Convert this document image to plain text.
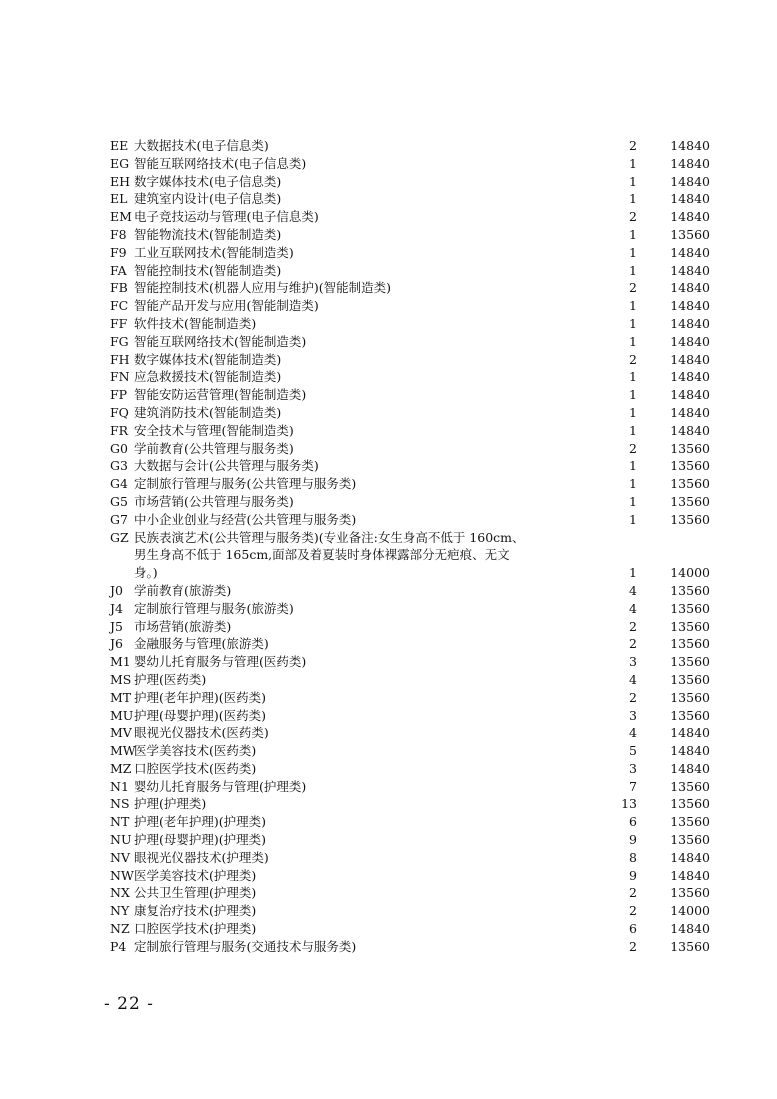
EE 大数据技术(电子信息类)	2	14840
EG 智能互联网络技术(电子信息类)	1	14840
EH 数字媒体技术(电子信息类)	1	14840
EL 建筑室内设计(电子信息类)	1	14840
EM 电子竞技运动与管理(电子信息类)	2	14840
F8 智能物流技术(智能制造类)	1	13560
F9 工业互联网技术(智能制造类)	1	14840
FA 智能控制技术(智能制造类)	1	14840
FB 智能控制技术(机器人应用与维护)(智能制造类)	2	14840
FC 智能产品开发与应用(智能制造类)	1	14840
FF 软件技术(智能制造类)	1	14840
FG 智能互联网络技术(智能制造类)	1	14840
FH 数字媒体技术(智能制造类)	2	14840
FN 应急救援技术(智能制造类)	1	14840
FP 智能安防运营管理(智能制造类)	1	14840
FQ 建筑消防技术(智能制造类)	1	14840
FR 安全技术与管理(智能制造类)	1	14840
G0 学前教育(公共管理与服务类)	2	13560
G3 大数据与会计(公共管理与服务类)	1	13560
G4 定制旅行管理与服务(公共管理与服务类)	1	13560
G5 市场营销(公共管理与服务类)	1	13560
G7 中小企业创业与经营(公共管理与服务类)	1	13560
GZ 民族表演艺术(公共管理与服务类)(专业备注:女生身高不低于 160cm、
男生身高不低于 165cm,面部及着夏装时身体裸露部分无疤痕、无文
身。)	1	14000
J0 学前教育(旅游类)	4	13560
J4 定制旅行管理与服务(旅游类)	4	13560
J5 市场营销(旅游类)	2	13560
J6 金融服务与管理(旅游类)	2	13560
M1 婴幼儿托育服务与管理(医药类)	3	13560
MS 护理(医药类)	4	13560
MT 护理(老年护理)(医药类)	2	13560
MU护理(母婴护理)(医药类)	3	13560
MV 眼视光仪器技术(医药类)	4	14840
MW医学美容技术(医药类)	5	14840
MZ 口腔医学技术(医药类)	3	14840
N1 婴幼儿托育服务与管理(护理类)	7	13560
NS 护理(护理类)	13	13560
NT 护理(老年护理)(护理类)	6	13560
NU 护理(母婴护理)(护理类)	9	13560
NV 眼视光仪器技术(护理类)	8	14840
NW医学美容技术(护理类)	9	14840
NX 公共卫生管理(护理类)	2	13560
NY 康复治疗技术(护理类)	2	14000
NZ 口腔医学技术(护理类)	6	14840
P4 定制旅行管理与服务(交通技术与服务类)	2	13560
- 22 -
